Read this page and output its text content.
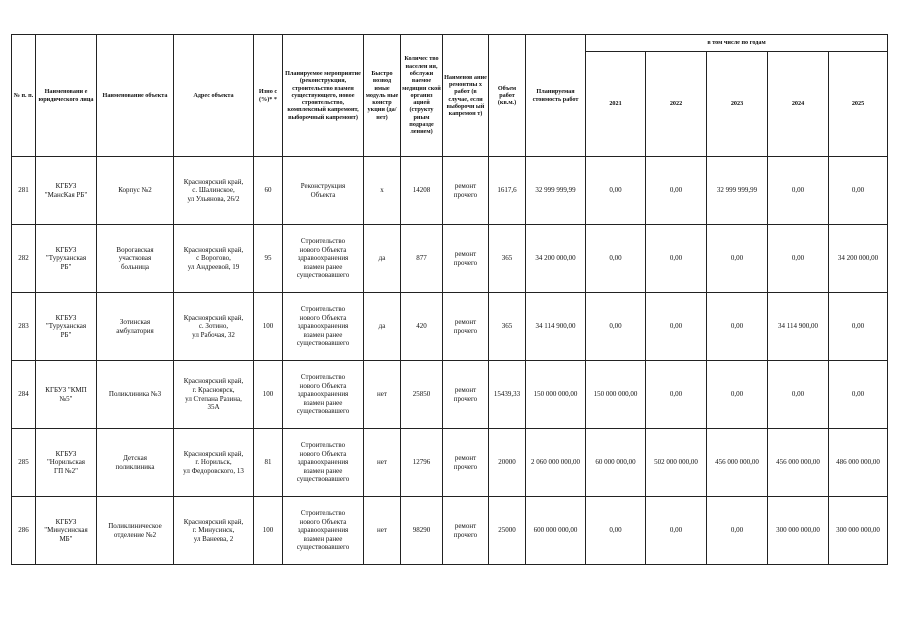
№ п. п.	Наименовани е юридического лица	Наименование объекта	Адрес объекта	Изно с (%)* *	Планируемое мероприятие (реконструкция, строительство взамен существующего, новое строительство, комплексный капремонт, выборочный капремонт)	Быстро возвод имые модуль ные констр укции (да/нет)	Количес тво населен ия, обслужи ваемое медицин ской организ ацией (структу рным подразде лением)	Наименов ание ремонтны х работ (в случае, если выборочн ый капремон т)	Объем работ (кв.м.)	Планируемая стоимость работ	в том числе по годам				
											2021	2022	2023	2024	2025
281	КГБУЗ
"МансКая РБ"	Корпус №2	Красноярский край,
с. Шалинское,
ул Ульянова, 26/2	60	Реконструкция
Объекта	х	14208	ремонт
прочего	1617,6	32 999 999,99	0,00	0,00	32 999 999,99	0,00	0,00
282	КГБУЗ
"Туруханская
РБ"	Ворогавская
участковая
больница	Красноярский край,
с Ворогово,
ул Андреевой, 19	95	Строительство
нового Объекта
здравоохранения
взамен ранее
существовавшего	да	877	ремонт
прочего	365	34 200 000,00	0,00	0,00	0,00	0,00	34 200 000,00
283	КГБУЗ
"Туруханская
РБ"	Зотинская
амбулатория	Красноярский край,
с. Зотино,
ул Рабочая, 32	100	Строительство
нового Объекта
здравоохранения
взамен ранее
существовавшего	да	420	ремонт
прочего	365	34 114 900,00	0,00	0,00	0,00	34 114 900,00	0,00
284	КГБУЗ "КМП
№5"	Поликлиника №3	Красноярский край,
г. Красноярск,
ул Степана Разина,
35А	100	Строительство
нового Объекта
здравоохранения
взамен ранее
существовавшего	нет	25850	ремонт
прочего	15439,33	150 000 000,00	150 000 000,00	0,00	0,00	0,00	0,00
285	КГБУЗ
"Норильская
ГП №2"	Детская
поликлиника	Красноярский край,
г. Норильск,
ул Федоровского, 13	81	Строительство
нового Объекта
здравоохранения
взамен ранее
существовавшего	нет	12796	ремонт
прочего	20000	2 060 000 000,00	60 000 000,00	502 000 000,00	456 000 000,00	456 000 000,00	486 000 000,00
286	КГБУЗ
"Минусинская
МБ"	Поликлиническое
отделение №2	Красноярский край,
г. Минусинск,
ул Ванеева, 2	100	Строительство
нового Объекта
здравоохранения
взамен ранее
существовавшего	нет	98290	ремонт
прочего	25000	600 000 000,00	0,00	0,00	0,00	300 000 000,00	300 000 000,00
